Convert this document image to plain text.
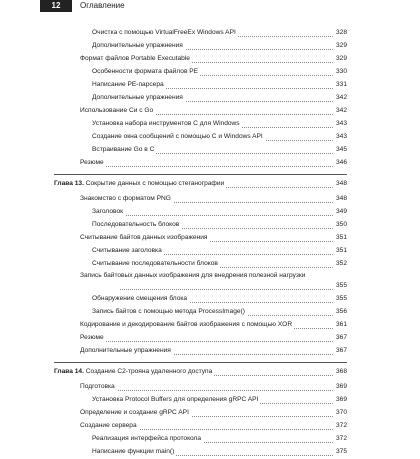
12	Оглавление
Очистка с помощью VirtualFreeEx Windows API	328
Дополнительные упражнения	329
Формат файлов Portable Executable	329
Особенности формата файлов PE	330
Написание PE-парсера	331
Дополнительные упражнения	342
Использование Си с Go	342
Установка набора инструментов C для Windows	343
Создание окна сообщений с помощью C и Windows API	343
Встраивание Go в C	345
Резюме	346
Глава 13. Сокрытие данных с помощью стеганографии	348
Знакомство с форматом PNG	348
Заголовок	349
Последовательность блоков	350
Считывание байтов данных изображения	351
Считывание заголовка	351
Считывание последовательности блоков	352
Запись байтовых данных изображения для внедрения полезной нагрузки
355
Обнаружение смещения блока	355
Запись байтов с помощью метода ProcessImage()	356
Кодирование и декодирование байтов изображения с помощью XOR	361
Резюме	367
Дополнительные упражнения	367
Глава 14. Создание C2-трояна удаленного доступа	368
Подготовка	369
Установка Protocol Buffers для определения gRPC API	369
Определение и создание gRPC API	370
Создание сервера	372
Реализация интерфейса протокола	372
Написание функции main()	375
